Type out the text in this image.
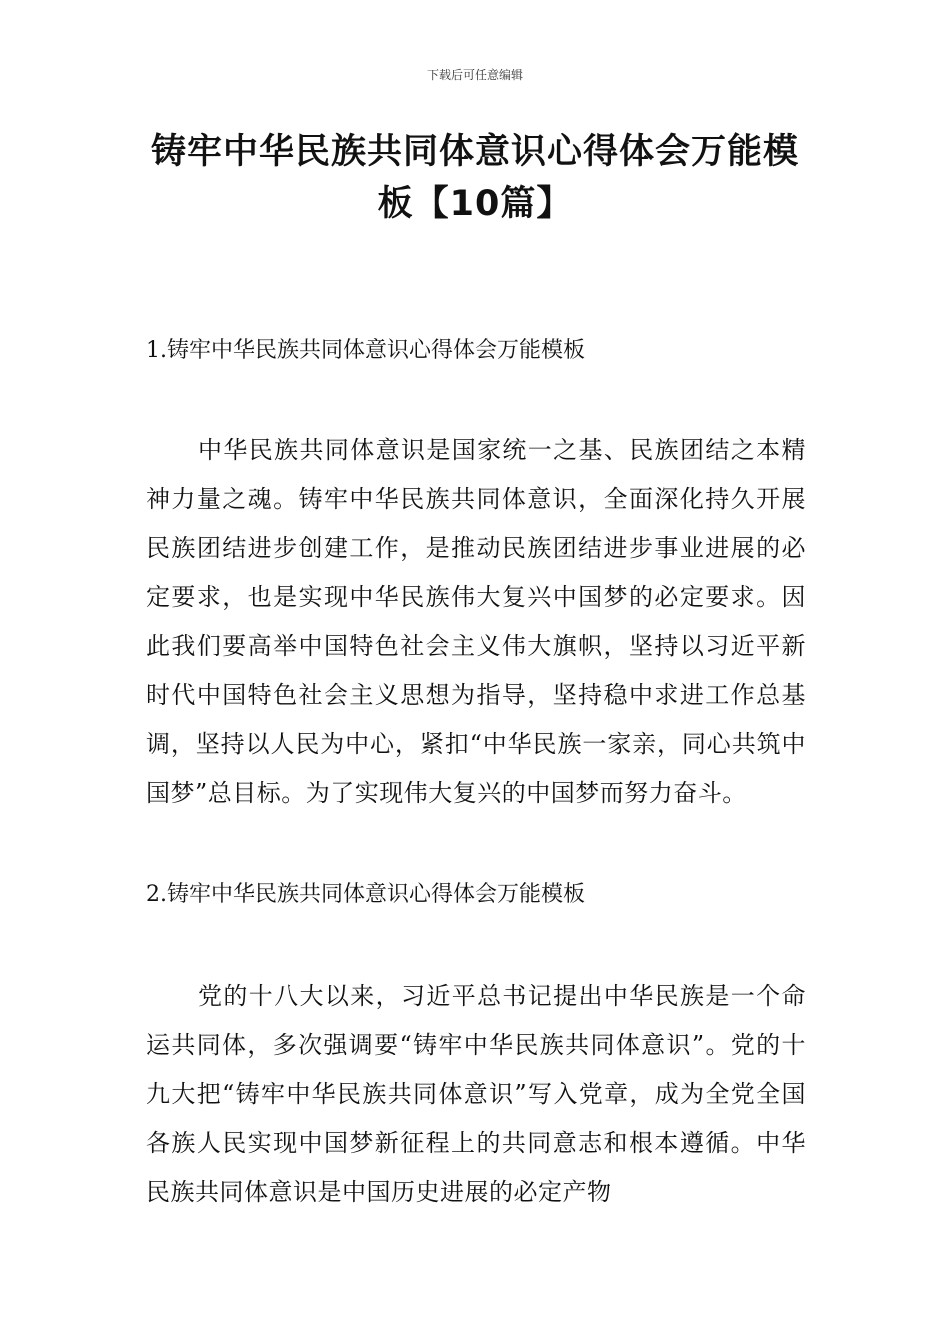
下载后可任意编辑
铸牢中华民族共同体意识心得体会万能模板【10篇】
1.铸牢中华民族共同体意识心得体会万能模板
中华民族共同体意识是国家统一之基、民族团结之本精神力量之魂。铸牢中华民族共同体意识，全面深化持久开展民族团结进步创建工作，是推动民族团结进步事业进展的必定要求，也是实现中华民族伟大复兴中国梦的必定要求。因此我们要高举中国特色社会主义伟大旗帜，坚持以习近平新时代中国特色社会主义思想为指导，坚持稳中求进工作总基调，坚持以人民为中心，紧扣“中华民族一家亲，同心共筑中国梦”总目标。为了实现伟大复兴的中国梦而努力奋斗。
2.铸牢中华民族共同体意识心得体会万能模板
党的十八大以来，习近平总书记提出中华民族是一个命运共同体，多次强调要“铸牢中华民族共同体意识”。党的十九大把“铸牢中华民族共同体意识”写入党章，成为全党全国各族人民实现中国梦新征程上的共同意志和根本遵循。中华民族共同体意识是中国历史进展的必定产物
